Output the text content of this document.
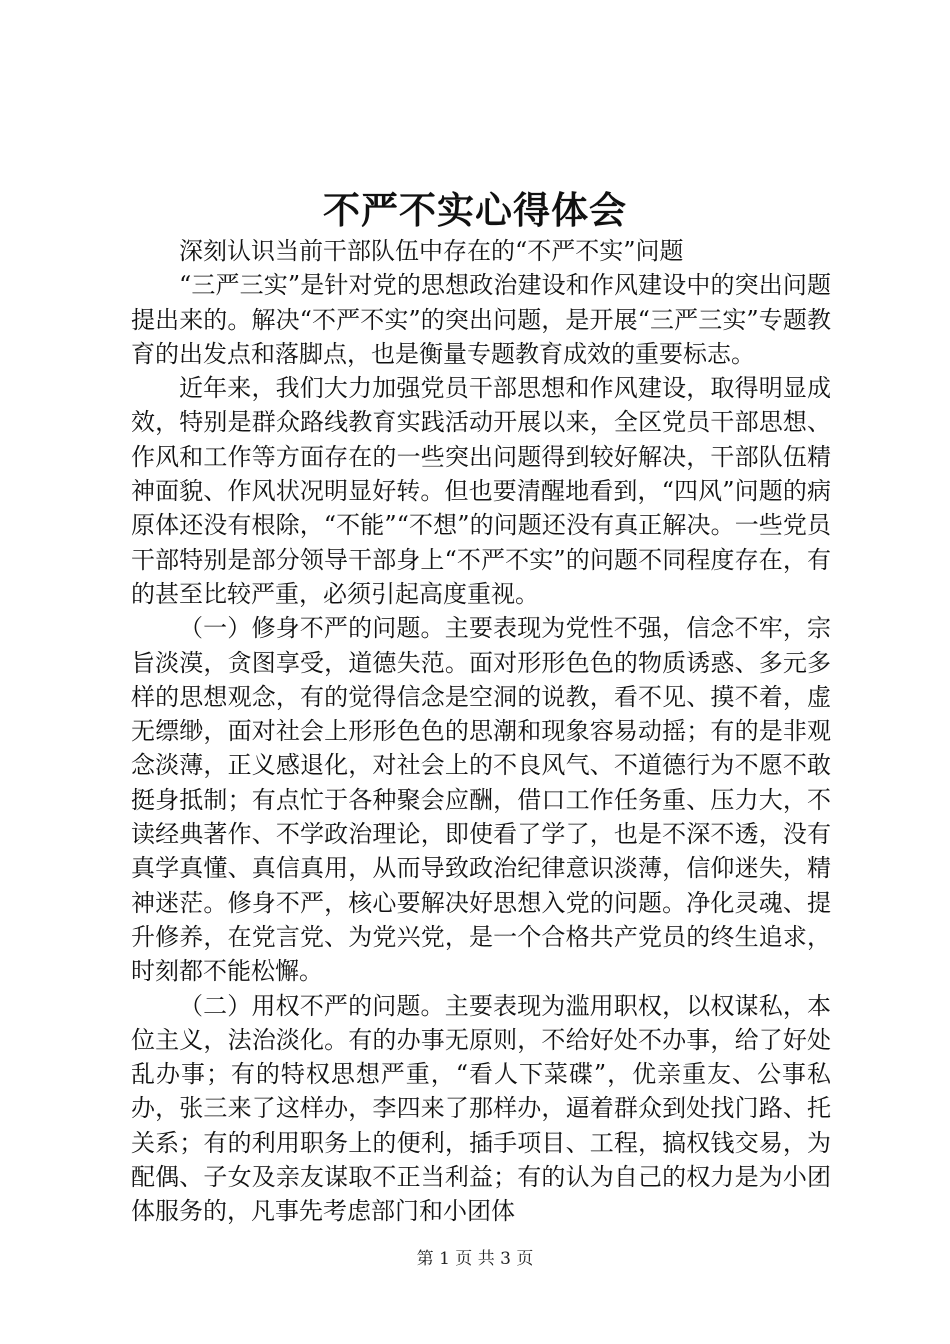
不严不实心得体会

深刻认识当前干部队伍中存在的“不严不实”问题

“三严三实”是针对党的思想政治建设和作风建设中的突出问题提出来的。解决“不严不实”的突出问题，是开展“三严三实”专题教育的出发点和落脚点，也是衡量专题教育成效的重要标志。

近年来，我们大力加强党员干部思想和作风建设，取得明显成效，特别是群众路线教育实践活动开展以来，全区党员干部思想、作风和工作等方面存在的一些突出问题得到较好解决，干部队伍精神面貌、作风状况明显好转。但也要清醒地看到，“四风”问题的病原体还没有根除，“不能”“不想”的问题还没有真正解决。一些党员干部特别是部分领导干部身上“不严不实”的问题不同程度存在，有的甚至比较严重，必须引起高度重视。

（一）修身不严的问题。主要表现为党性不强，信念不牢，宗旨淡漠，贪图享受，道德失范。面对形形色色的物质诱惑、多元多样的思想观念，有的觉得信念是空洞的说教，看不见、摸不着，虚无缥缈，面对社会上形形色色的思潮和现象容易动摇；有的是非观念淡薄，正义感退化，对社会上的不良风气、不道德行为不愿不敢挺身抵制；有点忙于各种聚会应酬，借口工作任务重、压力大，不读经典著作、不学政治理论，即使看了学了，也是不深不透，没有真学真懂、真信真用，从而导致政治纪律意识淡薄，信仰迷失，精神迷茫。修身不严，核心要解决好思想入党的问题。净化灵魂、提升修养，在党言党、为党兴党，是一个合格共产党员的终生追求，时刻都不能松懈。

（二）用权不严的问题。主要表现为滥用职权，以权谋私，本位主义，法治淡化。有的办事无原则，不给好处不办事，给了好处乱办事；有的特权思想严重，“看人下菜碟”，优亲重友、公事私办，张三来了这样办，李四来了那样办，逼着群众到处找门路、托关系；有的利用职务上的便利，插手项目、工程，搞权钱交易，为配偶、子女及亲友谋取不正当利益；有的认为自己的权力是为小团体服务的，凡事先考虑部门和小团体

第 1 页 共 3 页
